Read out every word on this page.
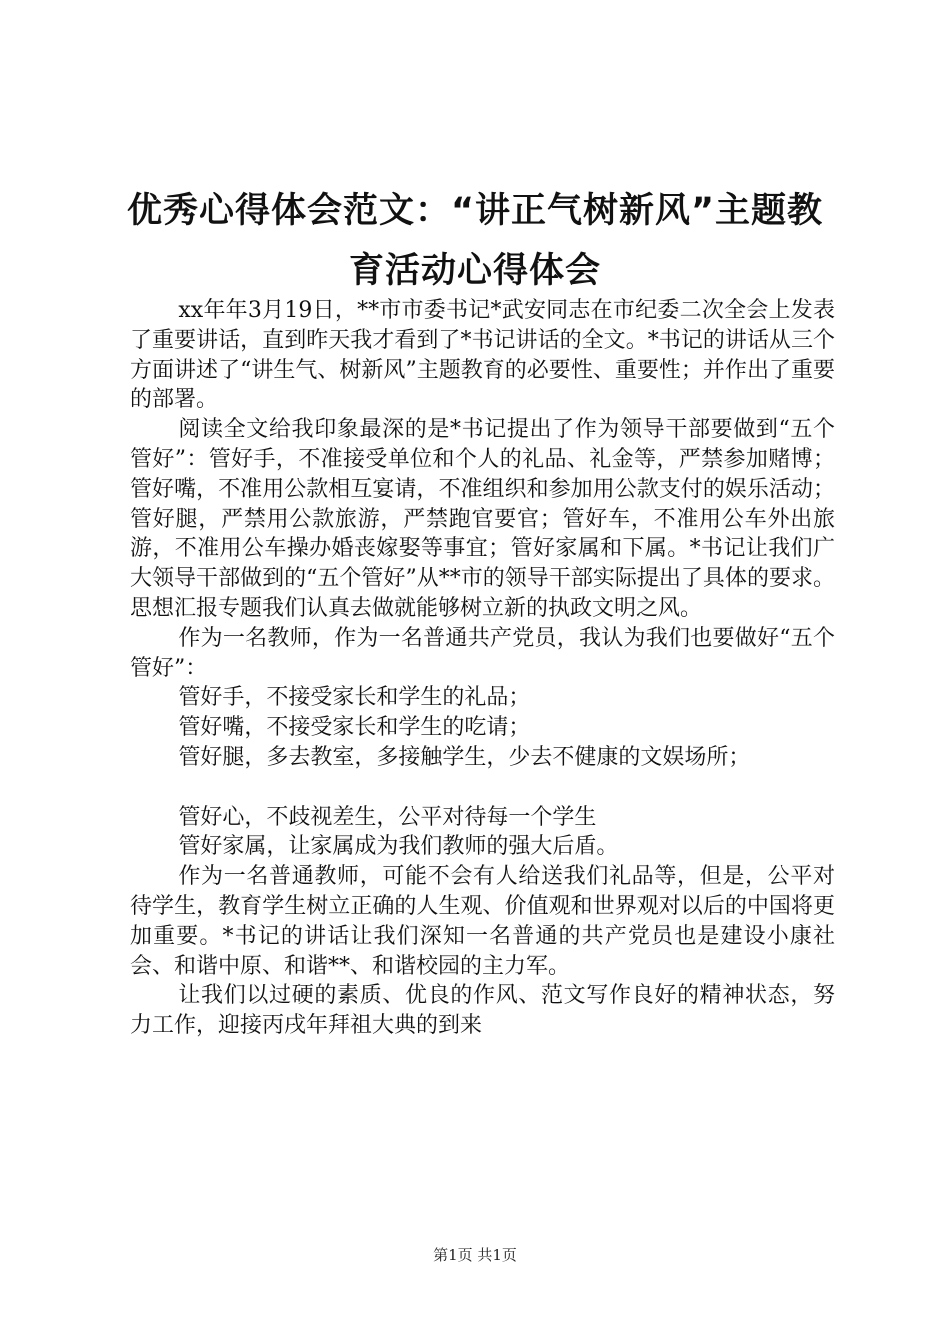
优秀心得体会范文：“讲正气树新风”主题教
育活动心得体会

xx年年3月19日，**市市委书记*武安同志在市纪委二次全会上发表了重要讲话，直到昨天我才看到了*书记讲话的全文。*书记的讲话从三个方面讲述了“讲生气、树新风”主题教育的必要性、重要性；并作出了重要的部署。

阅读全文给我印象最深的是*书记提出了作为领导干部要做到“五个管好”：管好手，不准接受单位和个人的礼品、礼金等，严禁参加赌博；管好嘴，不准用公款相互宴请，不准组织和参加用公款支付的娱乐活动；管好腿，严禁用公款旅游，严禁跑官要官；管好车，不准用公车外出旅游，不准用公车操办婚丧嫁娶等事宜；管好家属和下属。*书记让我们广大领导干部做到的“五个管好”从**市的领导干部实际提出了具体的要求。思想汇报专题我们认真去做就能够树立新的执政文明之风。

作为一名教师，作为一名普通共产党员，我认为我们也要做好“五个管好”：

管好手，不接受家长和学生的礼品；

管好嘴，不接受家长和学生的吃请；

管好腿，多去教室，多接触学生，少去不健康的文娱场所；

管好心，不歧视差生，公平对待每一个学生

管好家属，让家属成为我们教师的强大后盾。

作为一名普通教师，可能不会有人给送我们礼品等，但是，公平对待学生，教育学生树立正确的人生观、价值观和世界观对以后的中国将更加重要。*书记的讲话让我们深知一名普通的共产党员也是建设小康社会、和谐中原、和谐**、和谐校园的主力军。

让我们以过硬的素质、优良的作风、范文写作良好的精神状态，努力工作，迎接丙戌年拜祖大典的到来

第1页 共1页
